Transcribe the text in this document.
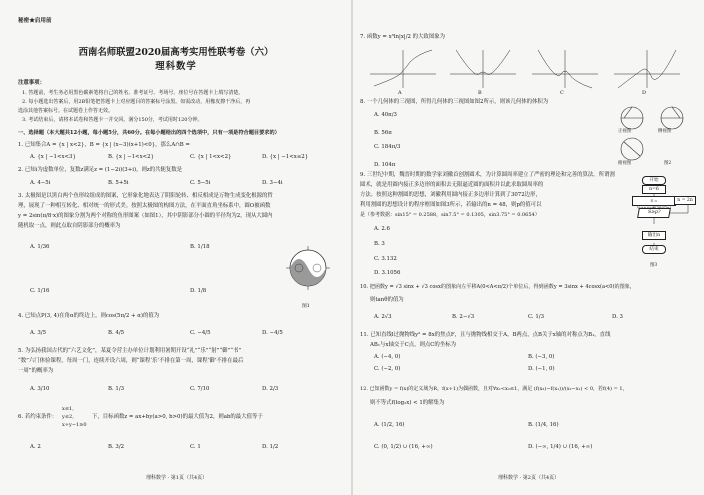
秘密★启用前
西南名师联盟2020届高考实用性联考卷（六）
理科数学
注意事项：
1. 答题前，考生务必用黑色碳素笔将自己的姓名、准考证号、考场号、座位号在答题卡上填写清楚。
2. 每小题选出答案后，用2B铅笔把答题卡上对应题目的答案标号涂黑。如需改动，用橡皮擦干净后，再
选涂其他答案标号。在试题卷上作答无效。
3. 考试结束后，请将本试卷和答题卡一并交回。满分150分，考试用时120分钟。
一、选择题（本大题共12小题，每小题5分，共60分。在每小题给出的四个选项中，只有一项是符合题目要求的）
1. 已知集合A = {x | x<2}，B = {x | (x−3)(x+1)<0}，那么A∩B =
A. {x | −1<x<3}	B. {x | −1<x<2}	C. {x | 1<x<2}	D. {x | −1<x≤2}
2. 已知i为虚数单位，复数z满足z = (1−2i)(3+i)，则z的共轭复数是
A. 4−5i	B. 5+5i	C. 5−5i	D. 3−4i
3. 太极图是以黑白两个鱼形纹组成的图案，它形象化地表达了阴阳轮转、相反相成是万物生成变化根源的哲
理，展现了一种相互转化、相对统一的形式美。按照太极图的构图方法，在平面直角坐标系中，圆O被函数
y = 2sin(π/8·x)的图象分割为两个对称的鱼形图案（如图1），其中阴影部分小圆的半径均为2，现从大圆内
随机取一点，则此点取自阴影部分的概率为
A. 1/36	B. 1/18
C. 1/16	D. 1/8
图1
4. 已知点P(3, 4)在角α的终边上，则cos(5π/2 + α)的值为
A. 3/5	B. 4/5	C. −4/5	D. −4/5
5. 为弘扬我国古代的“六艺文化”，某夏令营主办单位计划利用暑期开设“礼”“乐”“射”“御”“书”
“数”六门体验课程，每周一门，连续开设六周，则“课程‘乐’不排在第一周，课程‘御’不排在最后
一周”的概率为
A. 3/10	B. 1/3	C. 7/10	D. 2/3
6. 若约束条件：
x≤1,
y≤2,
x+y−1≥0
下，目标函数z = ax+by(a>0, b>0)的最大值为2，则ab的最大值等于
A. 2	B. 3/2	C. 1	D. 1/2
理科数学 · 第1页（共4页）
7. 函数y = x³ln|x|/2 的大致图象为
A	B	C	D
8. 一个几何体的三视图，所得几何体的三视图如图2所示，则该几何体的体积为
A. 40π/3
B. 56π
C. 184π/3
D. 104π
正视图	侧视图
俯视图	图2
9. 三世纪中期，魏晋时期的数学家刘徽首创割圆术，为计算圆周率建立了严密的理论和完善的算法。所谓割
圆术，就是用圆内接正多边形的面积去无限逼近圆的面积并以此求取圆周率的
方法。按照这种割圆的思想，刘徽利用圆内接正多边形计算到了3072边形，
利用割圆的思想设计的程序框图如图3所示，若输出的n = 48，则p的值可以
是（参考数据：sin15° = 0.2588，sin7.5° = 0.1305，sin3.75° = 0.0654）
A. 2.6
B. 3
C. 3.132
D. 3.1056
开始
n=6
S =
S≥p?
n = 2n
输出n
结束
图3
10. 把函数y = √3 sinx + √3 cosx的图象向左平移A(0<A<π/2)个单位后，得到函数y = 3sinx + 4cosx(a<0)的图象，
则tanθ的值为
A. 2√3	B. 2−√3	C. 1/3	D. 3
11. 已知直线l过抛物线y² = 8x的焦点F，且与抛物线相交于A，B两点，点B关于x轴的对称点为B₁，直线
AB₁与x轴交于C点，则点C的坐标为
A. (−4, 0)	B. (−3, 0)
C. (−2, 0)	D. (−1, 0)
12. 已知函数y = f(x)的定义域为R，f(x+1)为偶函数，且对∀x₁<x₂≤1，满足 (f(x₂)−f(x₁))/(x₂−x₁) < 0，若f(4) = 1，
则不等式f(log₂x) < 1的解集为
A. (1/2, 16)	B. (1/4, 16)
C. (0, 1/2) ∪ (16, +∞)	D. (−∞, 1/4) ∪ (16, +∞)
理科数学 · 第2页（共4页）
